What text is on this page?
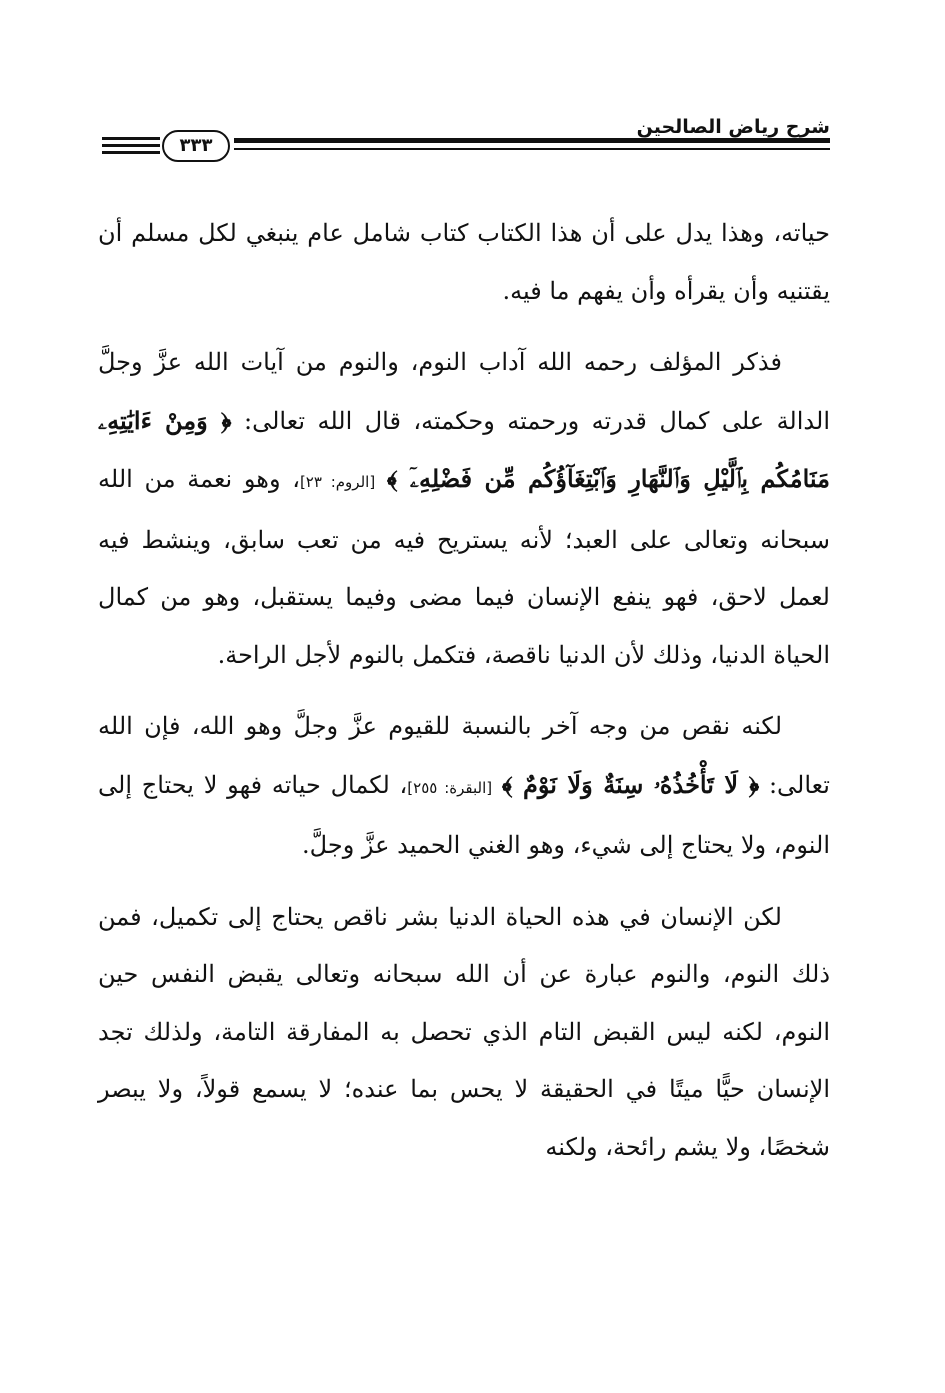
شرح رياض الصالحين
٣٣٣

حياته، وهذا يدل على أن هذا الكتاب كتاب شامل عام ينبغي لكل مسلم أن يقتنيه وأن يقرأه وأن يفهم ما فيه.

فذكر المؤلف رحمه الله آداب النوم، والنوم من آيات الله عزَّ وجلَّ الدالة على كمال قدرته ورحمته وحكمته، قال الله تعالى: ﴿ وَمِنْ ءَايَٰتِهِۦ مَنَامُكُم بِٱلَّيْلِ وَٱلنَّهَارِ وَٱبْتِغَآؤُكُم مِّن فَضْلِهِۦٓ ﴾ [الروم: ٢٣]، وهو نعمة من الله سبحانه وتعالى على العبد؛ لأنه يستريح فيه من تعب سابق، وينشط فيه لعمل لاحق، فهو ينفع الإنسان فيما مضى وفيما يستقبل، وهو من كمال الحياة الدنيا، وذلك لأن الدنيا ناقصة، فتكمل بالنوم لأجل الراحة.

لكنه نقص من وجه آخر بالنسبة للقيوم عزَّ وجلَّ وهو الله، فإن الله تعالى: ﴿ لَا تَأْخُذُهُۥ سِنَةٌ وَلَا نَوْمٌ ﴾ [البقرة: ٢٥٥]، لكمال حياته فهو لا يحتاج إلى النوم، ولا يحتاج إلى شيء، وهو الغني الحميد عزَّ وجلَّ.

لكن الإنسان في هذه الحياة الدنيا بشر ناقص يحتاج إلى تكميل، فمن ذلك النوم، والنوم عبارة عن أن الله سبحانه وتعالى يقبض النفس حين النوم، لكنه ليس القبض التام الذي تحصل به المفارقة التامة، ولذلك تجد الإنسان حيًّا ميتًا في الحقيقة لا يحس بما عنده؛ لا يسمع قولاً، ولا يبصر شخصًا، ولا يشم رائحة، ولكنه
